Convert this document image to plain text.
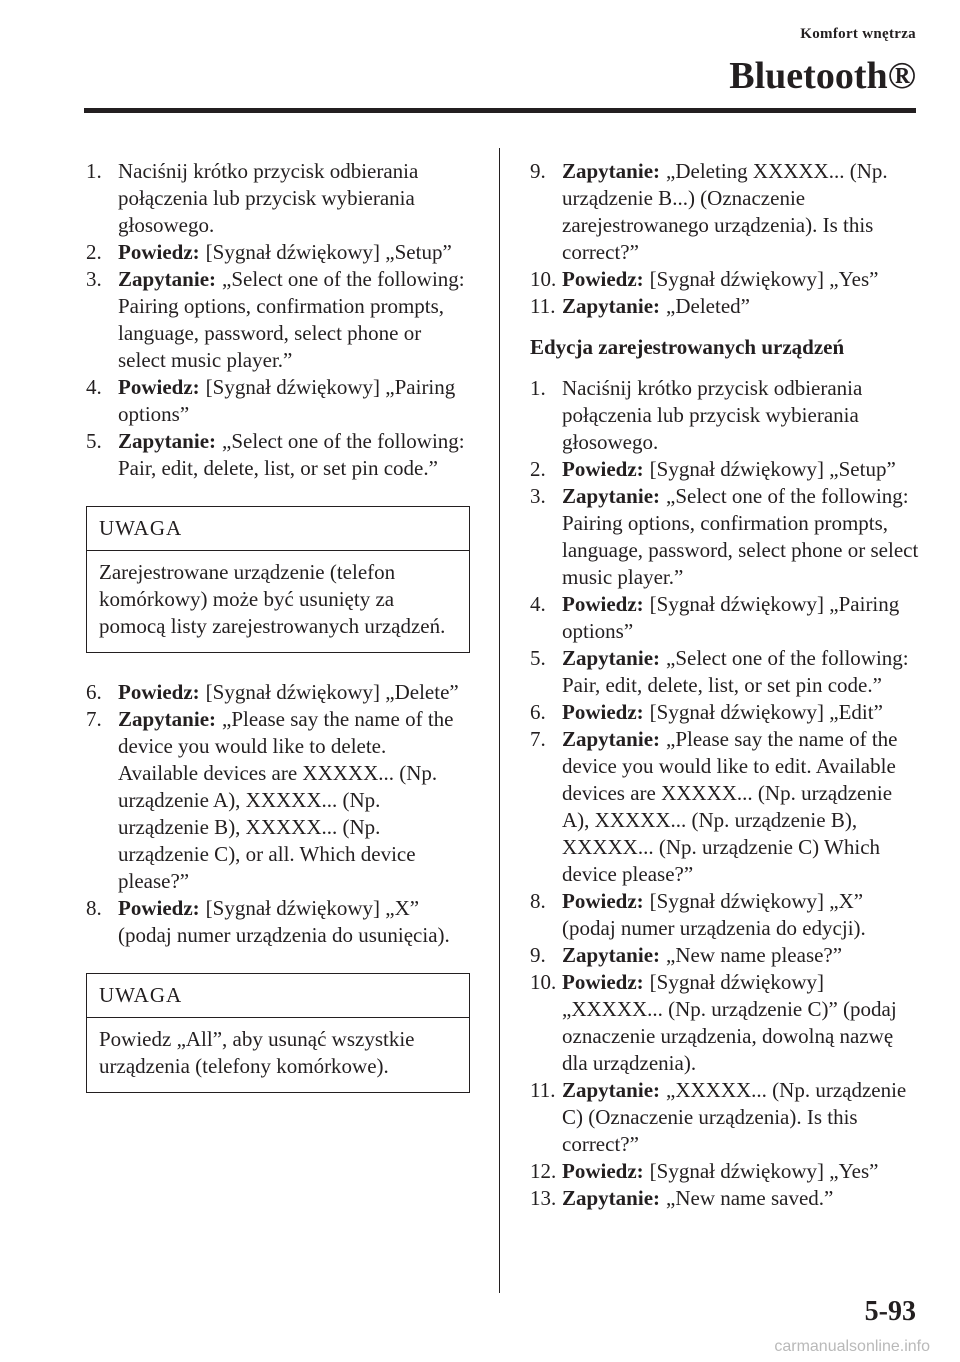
Komfort wnętrza
Bluetooth®
1. Naciśnij krótko przycisk odbierania połączenia lub przycisk wybierania głosowego.
2. Powiedz: [Sygnał dźwiękowy] „Setup”
3. Zapytanie: „Select one of the following: Pairing options, confirmation prompts, language, password, select phone or select music player.”
4. Powiedz: [Sygnał dźwiękowy] „Pairing options”
5. Zapytanie: „Select one of the following: Pair, edit, delete, list, or set pin code.”
UWAGA
Zarejestrowane urządzenie (telefon komórkowy) może być usunięty za pomocą listy zarejestrowanych urządzeń.
6. Powiedz: [Sygnał dźwiękowy] „Delete”
7. Zapytanie: „Please say the name of the device you would like to delete. Available devices are XXXXX... (Np. urządzenie A), XXXXX... (Np. urządzenie B), XXXXX... (Np. urządzenie C), or all. Which device please?”
8. Powiedz: [Sygnał dźwiękowy] „X” (podaj numer urządzenia do usunięcia).
UWAGA
Powiedz „All”, aby usunąć wszystkie urządzenia (telefony komórkowe).
9. Zapytanie: „Deleting XXXXX... (Np. urządzenie B...) (Oznaczenie zarejestrowanego urządzenia). Is this correct?”
10. Powiedz: [Sygnał dźwiękowy] „Yes”
11. Zapytanie: „Deleted”
Edycja zarejestrowanych urządzeń
1. Naciśnij krótko przycisk odbierania połączenia lub przycisk wybierania głosowego.
2. Powiedz: [Sygnał dźwiękowy] „Setup”
3. Zapytanie: „Select one of the following: Pairing options, confirmation prompts, language, password, select phone or select music player.”
4. Powiedz: [Sygnał dźwiękowy] „Pairing options”
5. Zapytanie: „Select one of the following: Pair, edit, delete, list, or set pin code.”
6. Powiedz: [Sygnał dźwiękowy] „Edit”
7. Zapytanie: „Please say the name of the device you would like to edit. Available devices are XXXXX... (Np. urządzenie A), XXXXX... (Np. urządzenie B), XXXXX... (Np. urządzenie C) Which device please?”
8. Powiedz: [Sygnał dźwiękowy] „X” (podaj numer urządzenia do edycji).
9. Zapytanie: „New name please?”
10. Powiedz: [Sygnał dźwiękowy] „XXXXX... (Np. urządzenie C)” (podaj oznaczenie urządzenia, dowolną nazwę dla urządzenia).
11. Zapytanie: „XXXXX... (Np. urządzenie C) (Oznaczenie urządzenia). Is this correct?”
12. Powiedz: [Sygnał dźwiękowy] „Yes”
13. Zapytanie: „New name saved.”
5-93
carmanualsonline.info
